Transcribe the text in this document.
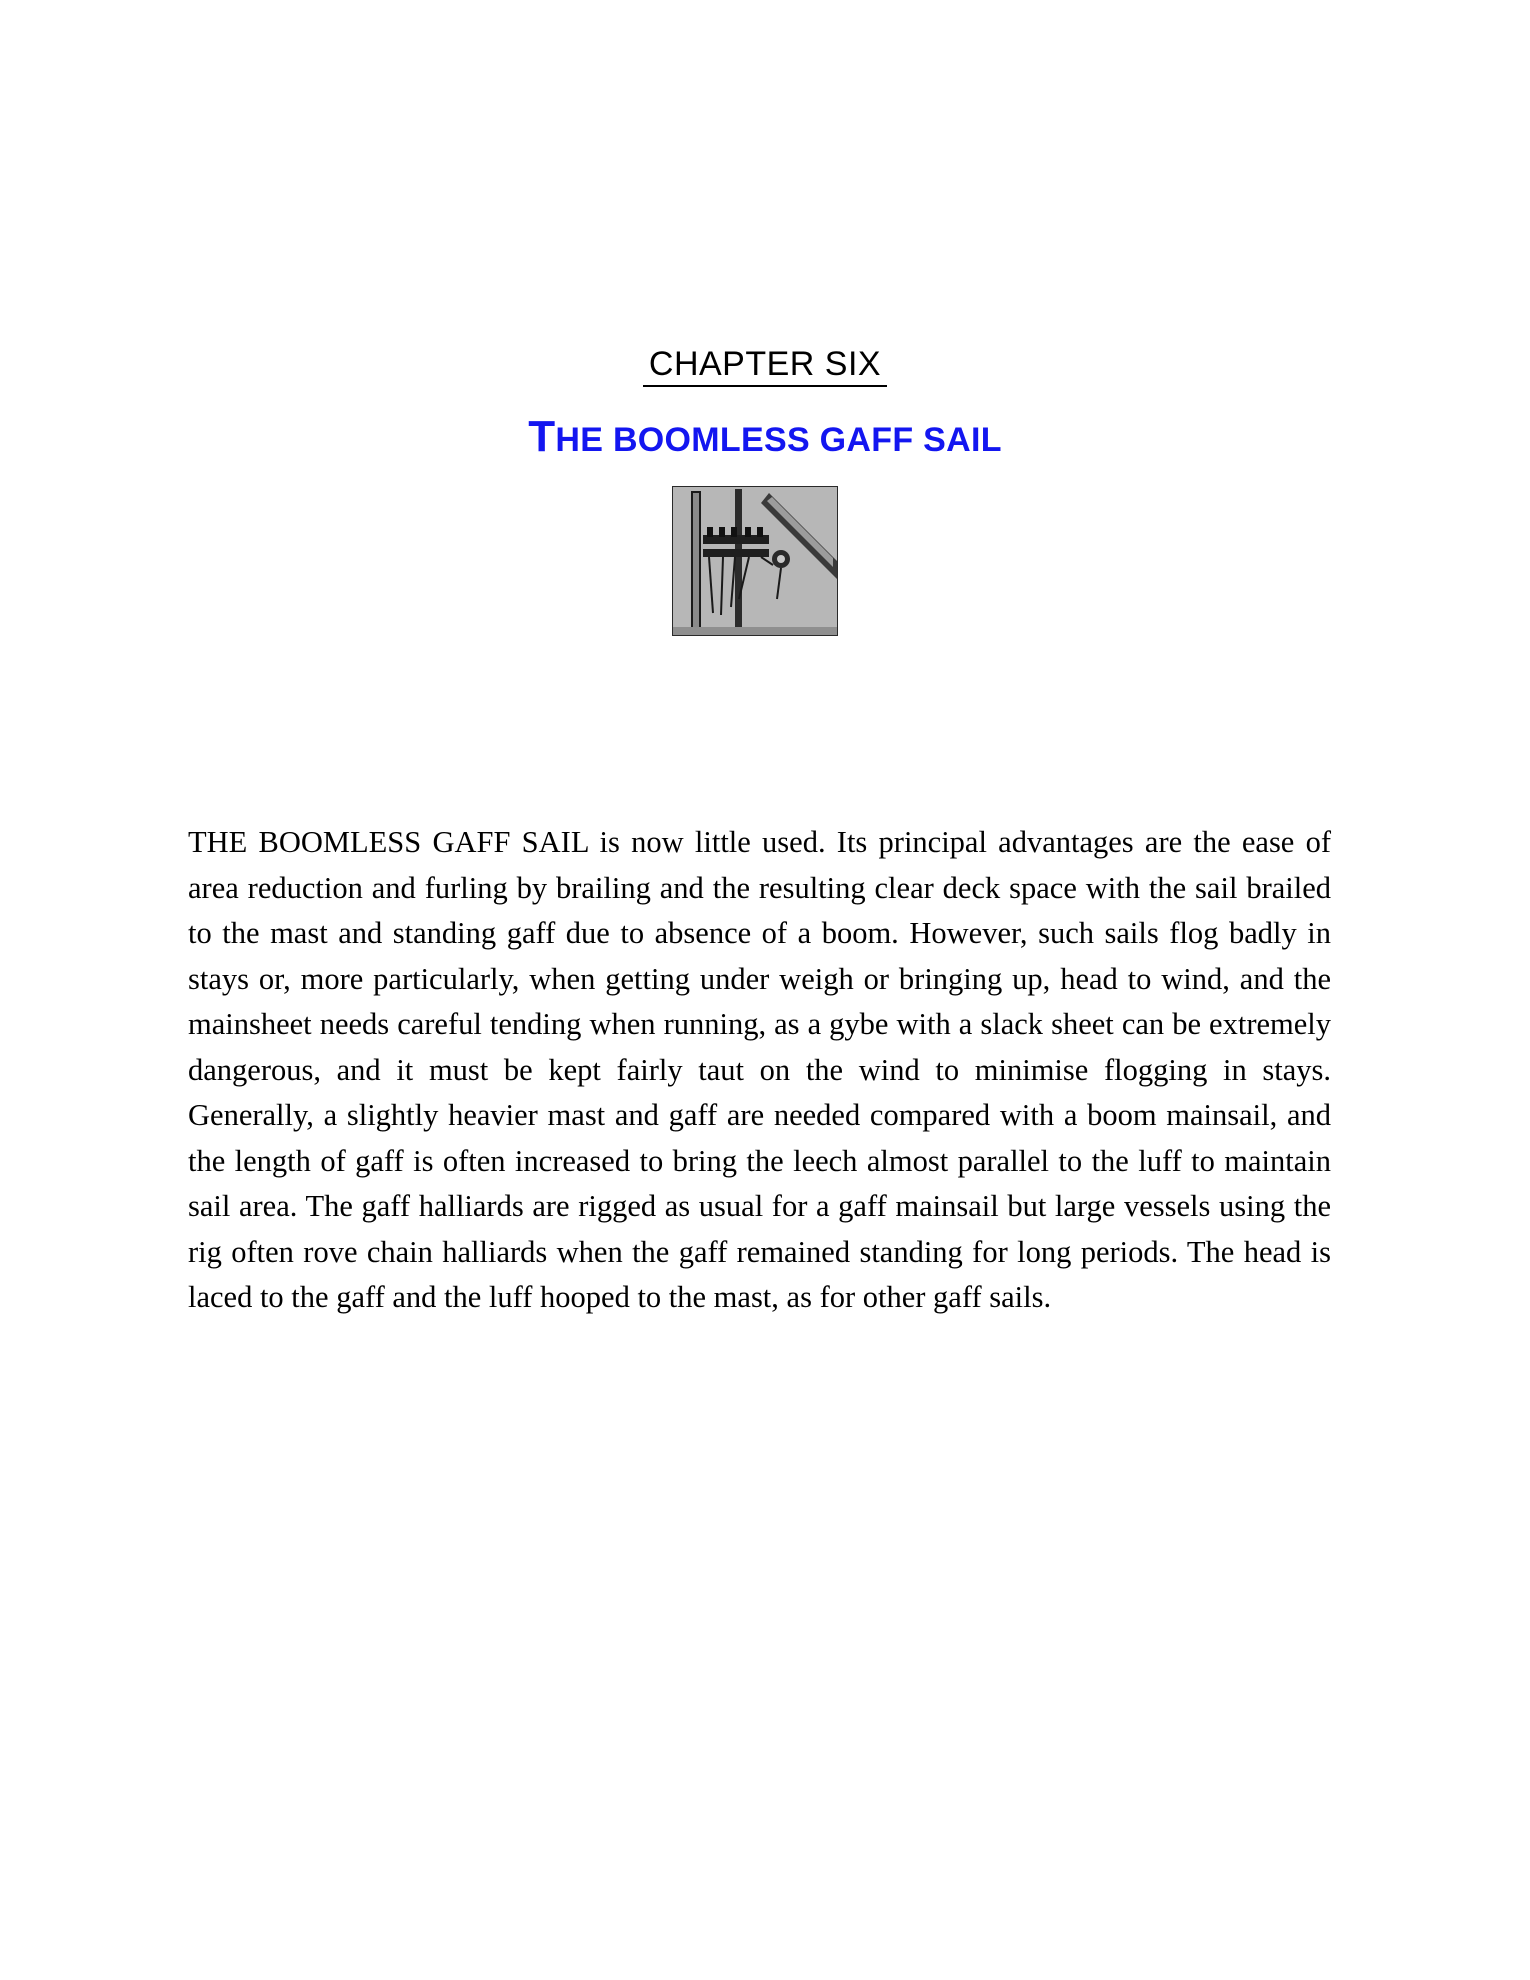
CHAPTER SIX
THE BOOMLESS GAFF SAIL
THE BOOMLESS GAFF SAIL is now little used. Its principal advantages are the ease of area reduction and furling by brailing and the resulting clear deck space with the sail brailed to the mast and standing gaff due to absence of a boom. However, such sails flog badly in stays or, more particularly, when getting under weigh or bringing up, head to wind, and the mainsheet needs careful tending when running, as a gybe with a slack sheet can be extremely dangerous, and it must be kept fairly taut on the wind to minimise flogging in stays. Generally, a slightly heavier mast and gaff are needed compared with a boom mainsail, and the length of gaff is often increased to bring the leech almost parallel to the luff to maintain sail area. The gaff halliards are rigged as usual for a gaff mainsail but large vessels using the rig often rove chain halliards when the gaff remained standing for long periods. The head is laced to the gaff and the luff hooped to the mast, as for other gaff sails.
